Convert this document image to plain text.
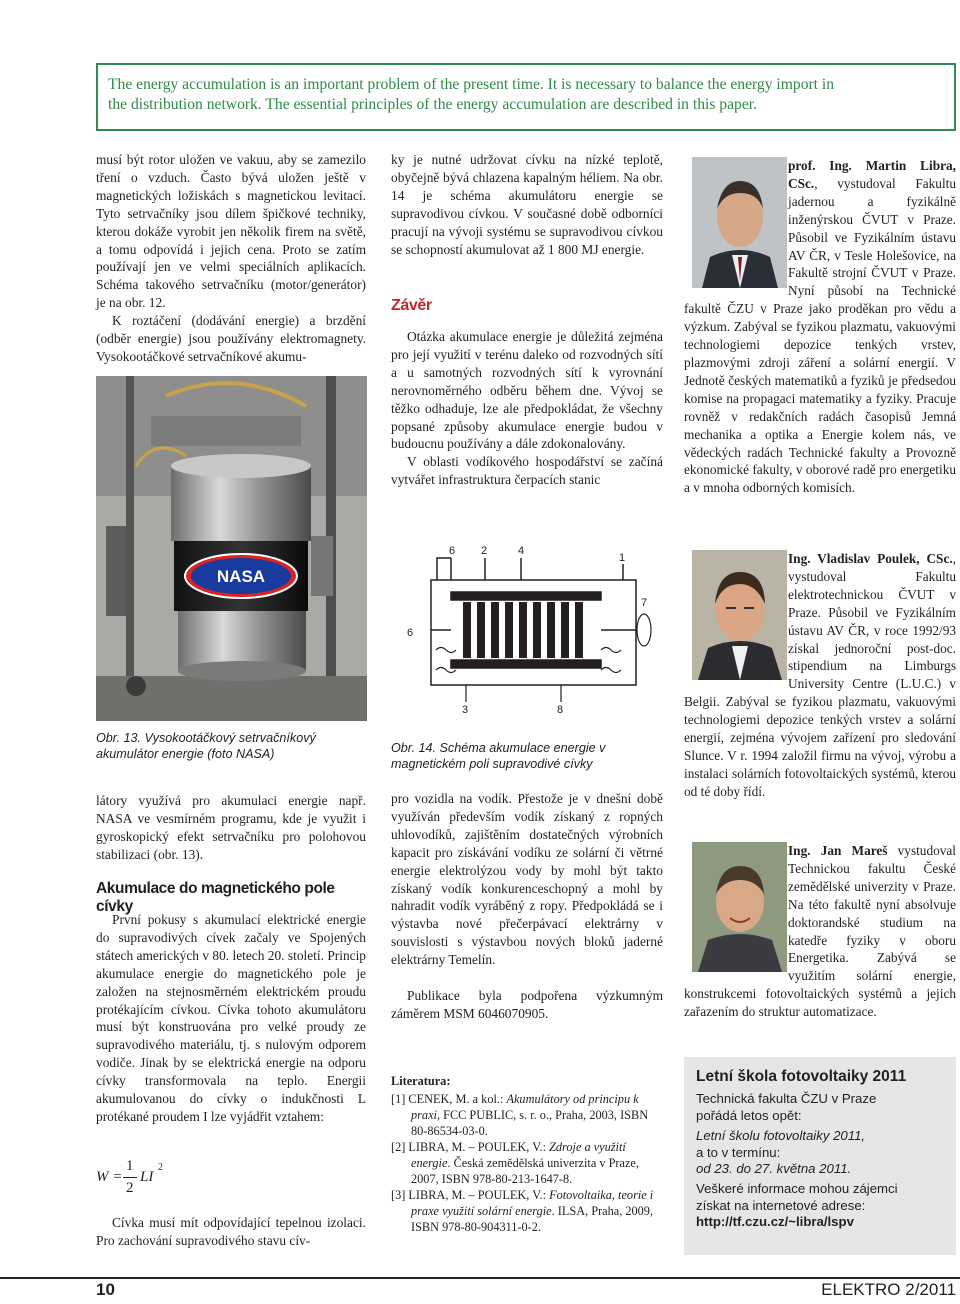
The energy accumulation is an important problem of the present time. It is necessary to balance the energy import in
the distribution network. The essential principles of the energy accumulation are described in this paper.

musí být rotor uložen ve vakuu, aby se zamezilo tření o vzduch. Často bývá uložen ještě v magnetických ložiskách s magnetickou levitací. Tyto setrvačníky jsou dílem špičkové techniky, kterou dokáže vyrobit jen několik firem na světě, a tomu odpovídá i jejich cena. Proto se zatím používají jen ve velmi speciálních aplikacích. Schéma takového setrvačníku (motor/generátor) je na obr. 12.

K roztáčení (dodávání energie) a brzdění (odběr energie) jsou používány elektromagnety. Vysokootáčkové setrvačníkové akumu-

NASA
Obr. 13. Vysokootáčkový setrvačníkový akumulátor energie (foto NASA)

látory využívá pro akumulaci energie např. NASA ve vesmírném programu, kde je využit i gyroskopický efekt setrvačníku pro polohovou stabilizaci (obr. 13).

Akumulace do magnetického pole cívky

První pokusy s akumulací elektrické energie do supravodivých cívek začaly ve Spojených státech amerických v 80. letech 20. století. Princip akumulace energie do magnetického pole je založen na stejnosměrném elektrickém proudu protékajícím cívkou. Cívka tohoto akumulátoru musí být konstruována pro velké proudy ze supravodivého materiálu, tj. s nulovým odporem vodiče. Jinak by se elektrická energie na odporu cívky transformovala na teplo. Energii akumulovanou do cívky o indukčnosti L protékané proudem I lze vyjádřit vztahem:

W =
1
2
LI
2

Cívka musí mít odpovídající tepelnou izolaci. Pro zachování supravodivého stavu cív-

ky je nutné udržovat cívku na nízké teplotě, obyčejně bývá chlazena kapalným héliem. Na obr. 14 je schéma akumulátoru energie se supravodivou cívkou. V současné době odborníci pracují na vývoji systému se supravodivou cívkou se schopností akumulovat až 1 800 MJ energie.

Závěr

Otázka akumulace energie je důležitá zejména pro její využití v terénu daleko od rozvodných sítí a u samotných rozvodných sítí k vyrovnání nerovnoměrného odběru během dne. Vývoj se těžko odhaduje, lze ale předpokládat, že všechny popsané způsoby akumulace energie budou v budoucnu používány a dále zdokonalovány.

V oblasti vodíkového hospodářství se začíná vytvářet infrastruktura čerpacích stanic

6 2	4
1
7
6
3	8
Obr. 14. Schéma akumulace energie v magnetickém poli supravodivé cívky

pro vozidla na vodík. Přestože je v dnešní době využíván především vodík získaný z ropných uhlovodíků, zajištěním dostatečných výrobních kapacit pro získávání vodíku ze solární či větrné energie elektrolýzou vody by mohl být takto získaný vodík konkurenceschopný a mohl by nahradit vodík vyráběný z ropy. Předpokládá se i výstavba nové přečerpávací elektrárny v souvislosti s výstavbou nových bloků jaderné elektrárny Temelín.

Publikace byla podpořena výzkumným záměrem MSM 6046070905.

Literatura:
[1] CENEK, M. a kol.: Akumulátory od principu k praxi, FCC PUBLIC, s. r. o., Praha, 2003, ISBN 80-86534-03-0.
[2] LIBRA, M. – POULEK, V.: Zdroje a využití energie. Česká zemědělská univerzita v Praze, 2007, ISBN 978-80-213-1647-8.
[3] LIBRA, M. – POULEK, V.: Fotovoltaika, teorie i praxe využití solární energie. ILSA, Praha, 2009, ISBN 978-80-904311-0-2.
prof. Ing. Martin Libra, CSc., vystudoval Fakultu jadernou a fyzikálně inženýrskou ČVUT v Praze. Působil ve Fyzikálním ústavu AV ČR, v Tesle Holešovice, na Fakultě strojní ČVUT v Praze. Nyní působí na Technické fakultě ČZU v Praze jako proděkan pro vědu a výzkum. Zabýval se fyzikou plazmatu, vakuovými technologiemi depozice tenkých vrstev, plazmovými zdroji záření a solární energií. V Jednotě českých matematiků a fyziků je předsedou komise na propagaci matematiky a fyziky. Pracuje rovněž v redakčních radách časopisů Jemná mechanika a optika a Energie kolem nás, ve vědeckých radách Technické fakulty a Provozně ekonomické fakulty, v oborové radě pro energetiku a v mnoha odborných komisích.
Ing. Vladislav Poulek, CSc., vystudoval Fakultu elektrotechnickou ČVUT v Praze. Působil ve Fyzikálním ústavu AV ČR, v roce 1992/93 získal jednoroční post-doc. stipendium na Limburgs University Centre (L.U.C.) v Belgii. Zabýval se fyzikou plazmatu, vakuovými technologiemi depozice tenkých vrstev a solární energií, zejména vývojem zařízení pro sledování Slunce. V r. 1994 založil firmu na vývoj, výrobu a instalaci solárních fotovoltaických systémů, kterou od té doby řídí.
Ing. Jan Mareš vystudoval Technickou fakultu České zemědělské univerzity v Praze. Na této fakultě nyní absolvuje doktorandské studium na katedře fyziky v oboru Energetika. Zabývá se využitím solární energie, konstrukcemi fotovoltaických systémů a jejich zařazením do struktur automatizace.
Letní škola fotovoltaiky 2011
Technická fakulta ČZU v Praze
pořádá letos opět:
Letní školu fotovoltaiky 2011,
a to v termínu:
od 23. do 27. května 2011.
Veškeré informace mohou zájemci
získat na internetové adrese:
http://tf.czu.cz/~libra/lspv
10	ELEKTRO 2/2011
